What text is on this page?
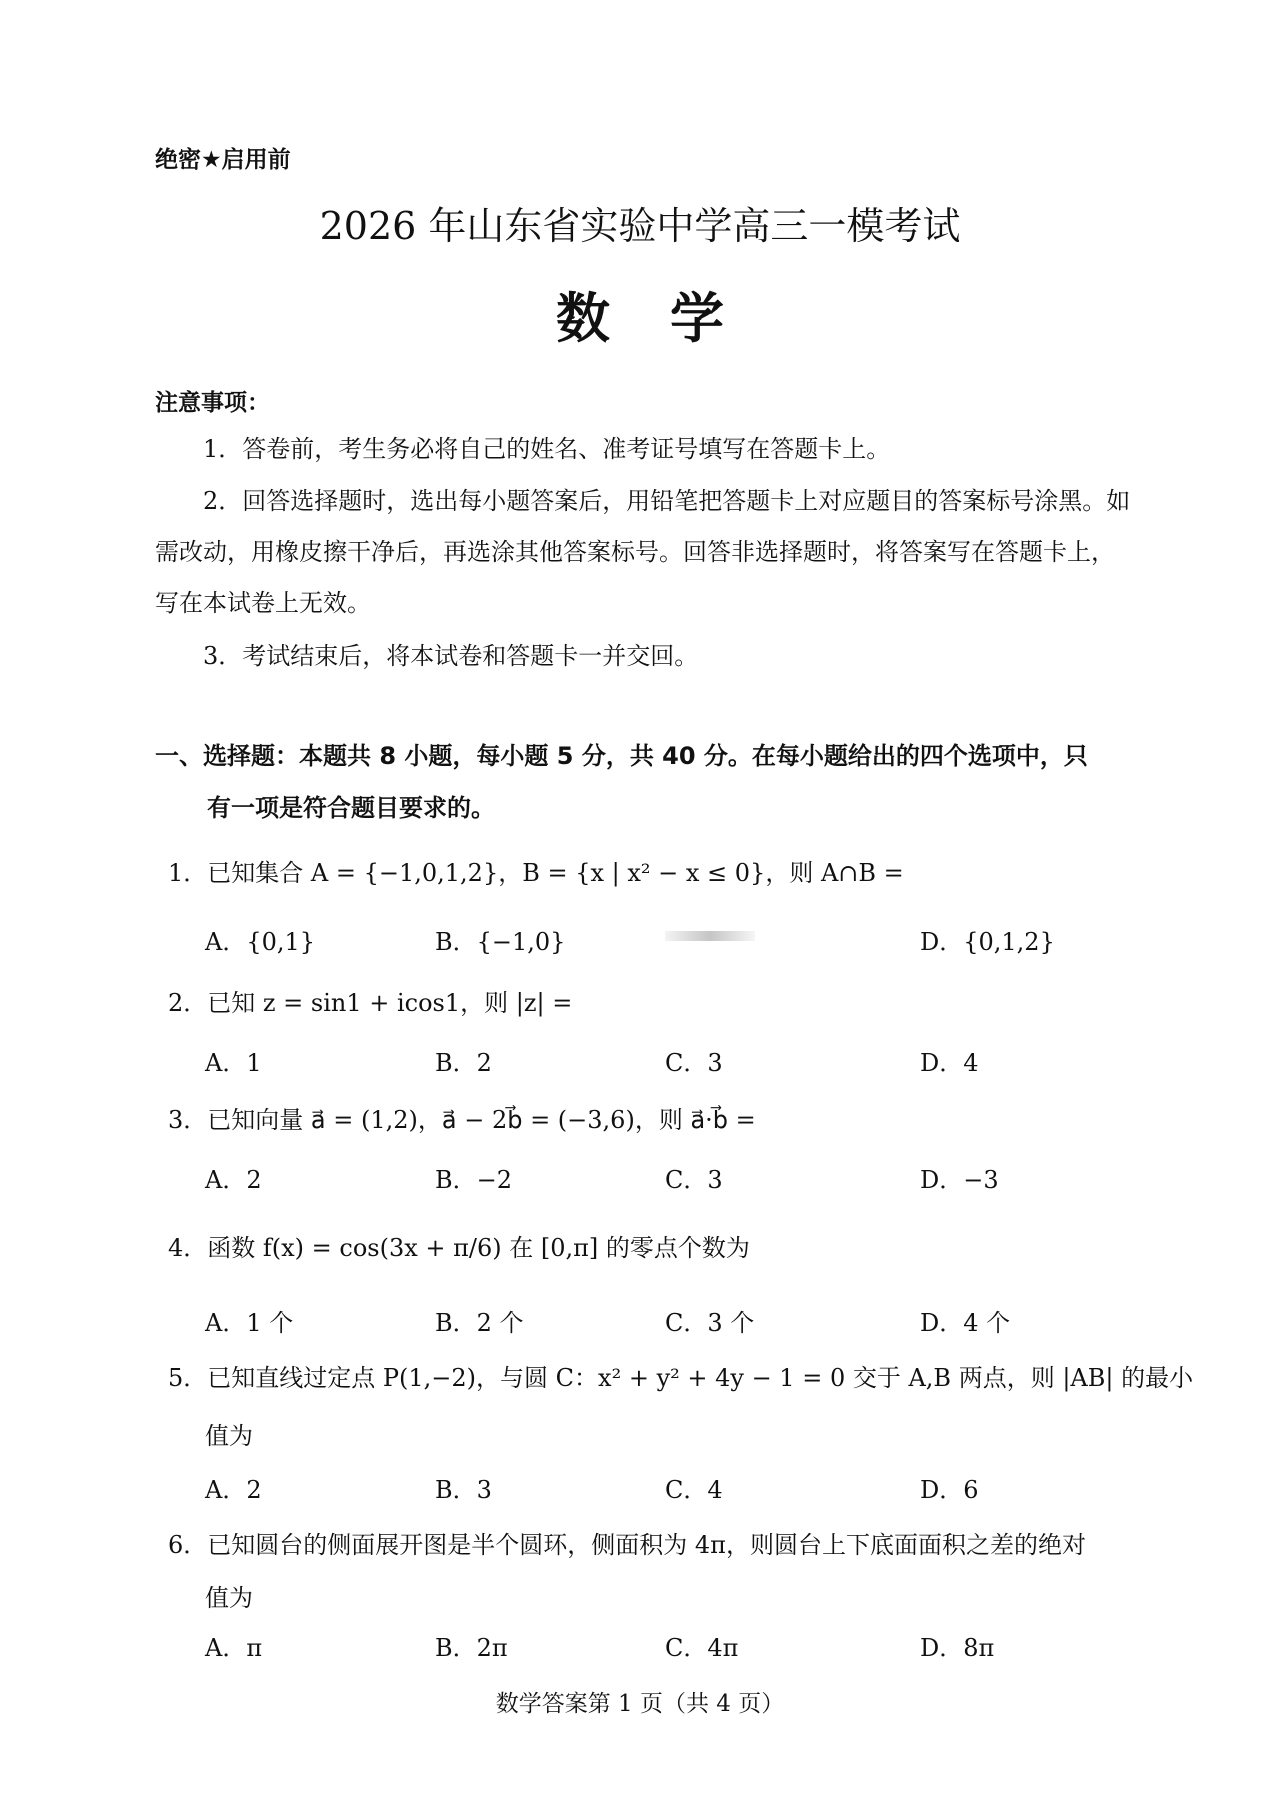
绝密★启用前
2026 年山东省实验中学高三一模考试
数学
注意事项：
1．答卷前，考生务必将自己的姓名、准考证号填写在答题卡上。
2．回答选择题时，选出每小题答案后，用铅笔把答题卡上对应题目的答案标号涂黑。如需改动，用橡皮擦干净后，再选涂其他答案标号。回答非选择题时，将答案写在答题卡上，写在本试卷上无效。
3．考试结束后，将本试卷和答题卡一并交回。
一、选择题：本题共 8 小题，每小题 5 分，共 40 分。在每小题给出的四个选项中，只
有一项是符合题目要求的。
1．已知集合 A = {−1,0,1,2}，B = {x | x² − x ≤ 0}，则 A∩B =
A．{0,1}	B．{−1,0}	D．{0,1,2}
2．已知 z = sin1 + icos1，则 |z| =
A．1	B．2	C．3	D．4
3．已知向量 a⃗ = (1,2)，a⃗ − 2b⃗ = (−3,6)，则 a⃗·b⃗ =
A．2	B．−2	C．3	D．−3
4．函数 f(x) = cos(3x + π/6) 在 [0,π] 的零点个数为
A．1 个	B．2 个	C．3 个	D．4 个
5．已知直线过定点 P(1,−2)，与圆 C：x² + y² + 4y − 1 = 0 交于 A,B 两点，则 |AB| 的最小
值为
A．2	B．3	C．4	D．6
6．已知圆台的侧面展开图是半个圆环，侧面积为 4π，则圆台上下底面面积之差的绝对
值为
A．π	B．2π	C．4π	D．8π
数学答案第 1 页（共 4 页）
